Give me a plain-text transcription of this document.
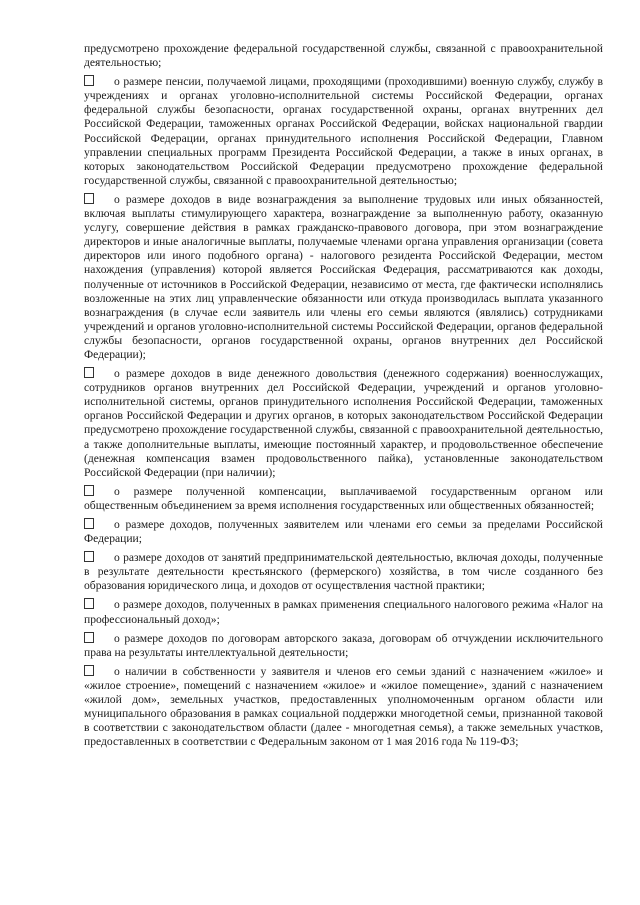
предусмотрено прохождение федеральной государственной службы, связанной с правоохранительной деятельностью;

о размере пенсии, получаемой лицами, проходящими (проходившими) военную службу, службу в учреждениях и органах уголовно-исполнительной системы Российской Федерации, органах федеральной службы безопасности, органах государственной охраны, органах внутренних дел Российской Федерации, таможенных органах Российской Федерации, войсках национальной гвардии Российской Федерации, органах принудительного исполнения Российской Федерации, Главном управлении специальных программ Президента Российской Федерации, а также в иных органах, в которых законодательством Российской Федерации предусмотрено прохождение федеральной государственной службы, связанной с правоохранительной деятельностью;

о размере доходов в виде вознаграждения за выполнение трудовых или иных обязанностей, включая выплаты стимулирующего характера, вознаграждение за выполненную работу, оказанную услугу, совершение действия в рамках гражданско-правового договора, при этом вознаграждение директоров и иные аналогичные выплаты, получаемые членами органа управления организации (совета директоров или иного подобного органа) - налогового резидента Российской Федерации, местом нахождения (управления) которой является Российская Федерация, рассматриваются как доходы, полученные от источников в Российской Федерации, независимо от места, где фактически исполнялись возложенные на этих лиц управленческие обязанности или откуда производилась выплата указанного вознаграждения (в случае если заявитель или члены его семьи являются (являлись) сотрудниками учреждений и органов уголовно-исполнительной системы Российской Федерации, органов федеральной службы безопасности, органов государственной охраны, органов внутренних дел Российской Федерации);

о размере доходов в виде денежного довольствия (денежного содержания) военнослужащих, сотрудников органов внутренних дел Российской Федерации, учреждений и органов уголовно-исполнительной системы, органов принудительного исполнения Российской Федерации, таможенных органов Российской Федерации и других органов, в которых законодательством Российской Федерации предусмотрено прохождение государственной службы, связанной с правоохранительной деятельностью, а также дополнительные выплаты, имеющие постоянный характер, и продовольственное обеспечение (денежная компенсация взамен продовольственного пайка), установленные законодательством Российской Федерации (при наличии);

о размере полученной компенсации, выплачиваемой государственным органом или общественным объединением за время исполнения государственных или общественных обязанностей;

о размере доходов, полученных заявителем или членами его семьи за пределами Российской Федерации;

о размере доходов от занятий предпринимательской деятельностью, включая доходы, полученные в результате деятельности крестьянского (фермерского) хозяйства, в том числе созданного без образования юридического лица, и доходов от осуществления частной практики;

о размере доходов, полученных в рамках применения специального налогового режима «Налог на профессиональный доход»;

о размере доходов по договорам авторского заказа, договорам об отчуждении исключительного права на результаты интеллектуальной деятельности;

о наличии в собственности у заявителя и членов его семьи зданий с назначением «жилое» и «жилое строение», помещений с назначением «жилое» и «жилое помещение», зданий с назначением «жилой дом», земельных участков, предоставленных уполномоченным органом области или муниципального образования в рамках социальной поддержки многодетной семьи, признанной таковой в соответствии с законодательством области (далее - многодетная семья), а также земельных участков, предоставленных в соответствии с Федеральным законом от 1 мая 2016 года № 119-ФЗ;
